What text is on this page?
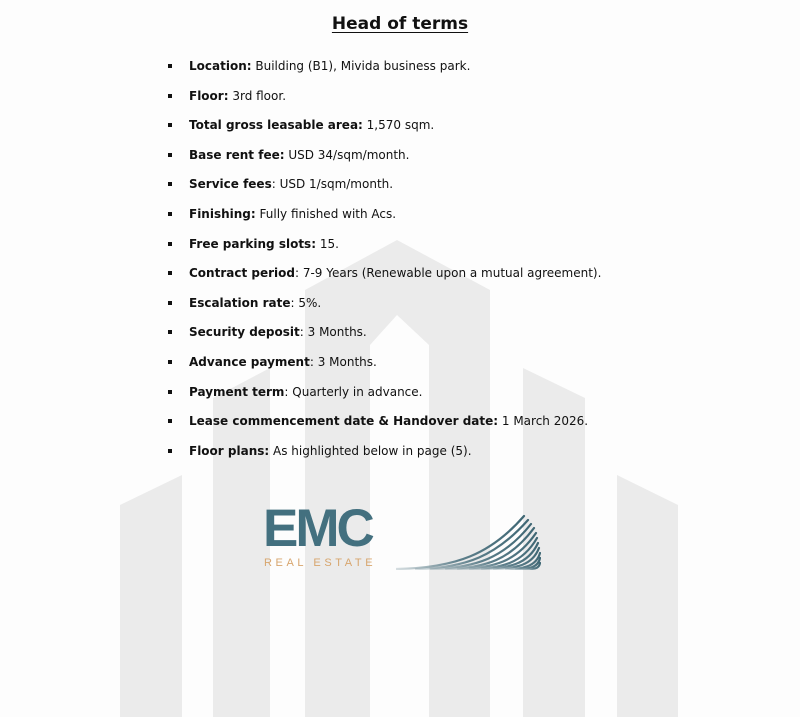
Head of terms
Location: Building (B1), Mivida business park.
Floor: 3rd floor.
Total gross leasable area: 1,570 sqm.
Base rent fee: USD 34/sqm/month.
Service fees: USD 1/sqm/month.
Finishing: Fully finished with Acs.
Free parking slots: 15.
Contract period: 7-9 Years (Renewable upon a mutual agreement).
Escalation rate: 5%.
Security deposit: 3 Months.
Advance payment: 3 Months.
Payment term: Quarterly in advance.
Lease commencement date & Handover date: 1 March 2026.
Floor plans: As highlighted below in page (5).
EMC
REAL ESTATE
